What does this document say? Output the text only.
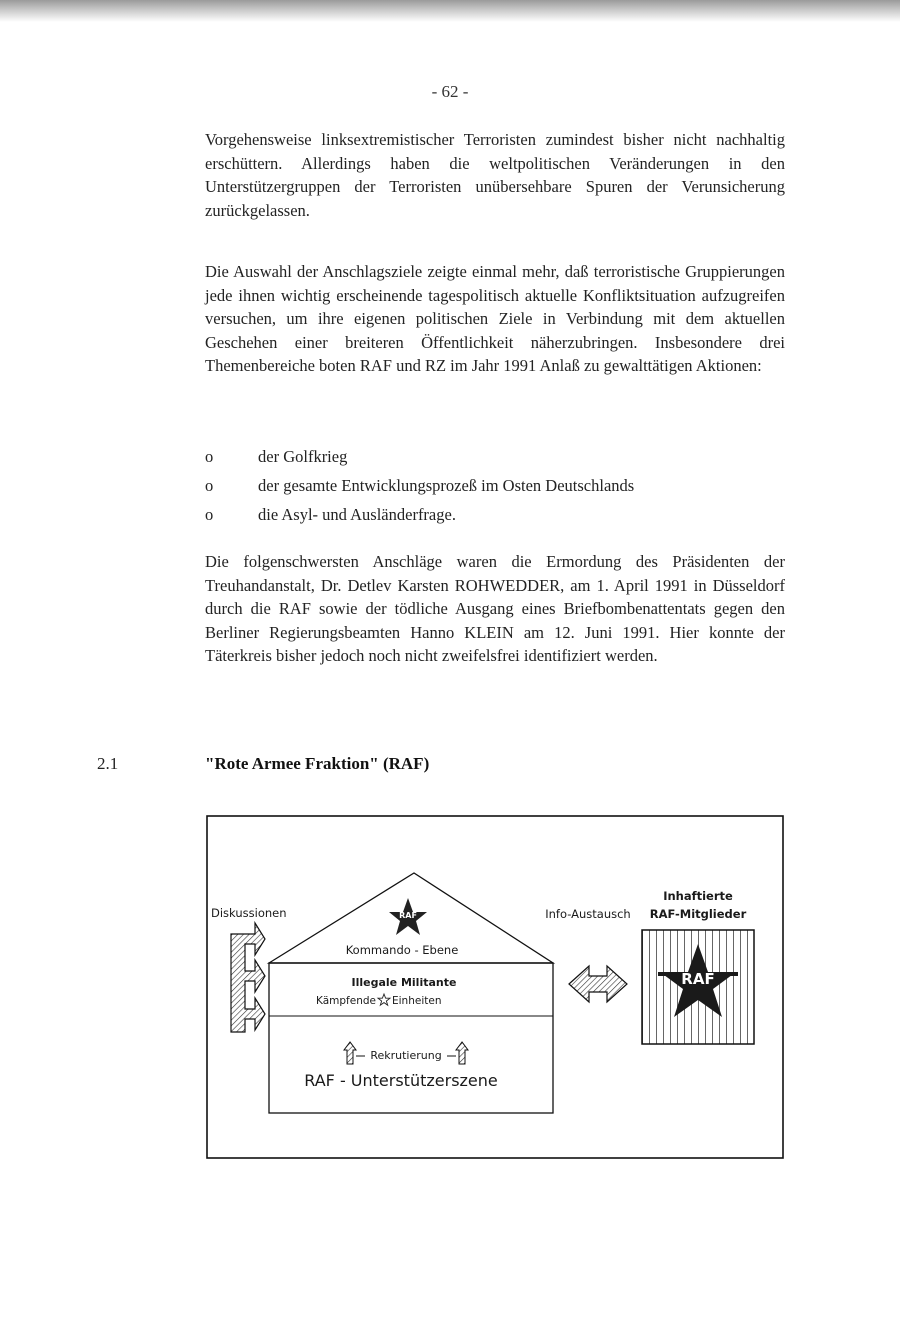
- 62 -

Vorgehensweise linksextremistischer Terroristen zumindest bisher nicht nachhaltig erschüttern. Allerdings haben die weltpolitischen Veränderungen in den Unterstützergruppen der Terroristen unübersehbare Spuren der Verunsicherung zurückgelassen.

Die Auswahl der Anschlagsziele zeigte einmal mehr, daß terroristische Gruppierungen jede ihnen wichtig erscheinende tagespolitisch aktuelle Konfliktsituation aufzugreifen versuchen, um ihre eigenen politischen Ziele in Verbindung mit dem aktuellen Geschehen einer breiteren Öffentlichkeit näherzubringen. Insbesondere drei Themenbereiche boten RAF und RZ im Jahr 1991 Anlaß zu gewalttätigen Aktionen:

o	der Golfkrieg
o	der gesamte Entwicklungsprozeß im Osten Deutschlands
o	die Asyl- und Ausländerfrage.

Die folgenschwersten Anschläge waren die Ermordung des Präsidenten der Treuhandanstalt, Dr. Detlev Karsten ROHWEDDER, am 1. April 1991 in Düsseldorf durch die RAF sowie der tödliche Ausgang eines Briefbombenattentats gegen den Berliner Regierungsbeamten Hanno KLEIN am 12. Juni 1991. Hier konnte der Täterkreis bisher jedoch noch nicht zweifelsfrei identifiziert werden.

2.1	"Rote Armee Fraktion" (RAF)
Diskussionen	RAF
Kommando - Ebene
Illegale Militante
Kämpfende Einheiten
Rekrutierung
RAF - Unterstützerszene
Info-Austausch
Inhaftierte
RAF-Mitglieder
RAF
